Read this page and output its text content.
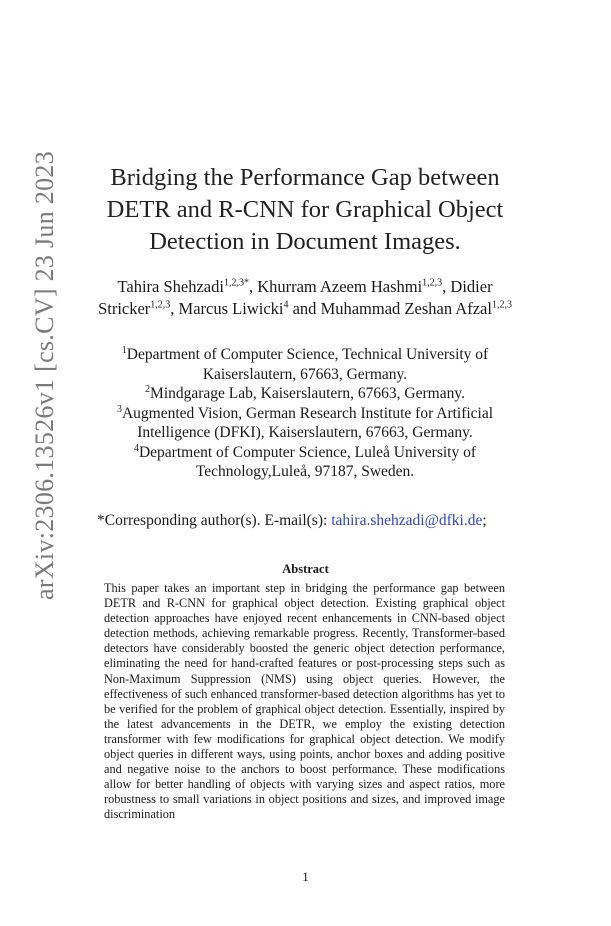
arXiv:2306.13526v1 [cs.CV] 23 Jun 2023	Bridging the Performance Gap between DETR and R-CNN for Graphical Object Detection in Document Images.
Tahira Shehzadi$^{1,2,3*}$, Khurram Azeem Hashmi$^{1,2,3}$, Didier Stricker$^{1,2,3}$, Marcus Liwicki$^4$ and Muhammad Zeshan Afzal$^{1,2,3}$
$^1$Department of Computer Science, Technical University of Kaiserslautern, 67663, Germany.
$^2$Mindgarage Lab, Kaiserslautern, 67663, Germany.
$^3$Augmented Vision, German Research Institute for Artificial Intelligence (DFKI), Kaiserslautern, 67663, Germany.
$^4$Department of Computer Science, Luleå University of Technology,Luleå, 97187, Sweden.
*Corresponding author(s). E-mail(s): tahira.shehzadi@dfki.de;
Abstract
This paper takes an important step in bridging the performance gap between DETR and R-CNN for graphical object detection. Existing graphical object detection approaches have enjoyed recent enhancements in CNN-based object detection methods, achieving remarkable progress. Recently, Transformer-based detectors have considerably boosted the generic object detection performance, eliminating the need for hand-crafted features or post-processing steps such as Non-Maximum Suppression (NMS) using object queries. However, the effectiveness of such enhanced transformer-based detection algorithms has yet to be verified for the problem of graphical object detection. Essentially, inspired by the latest advancements in the DETR, we employ the existing detection transformer with few modifications for graphical object detection. We modify object queries in different ways, using points, anchor boxes and adding positive and negative noise to the anchors to boost performance. These modifications allow for better handling of objects with varying sizes and aspect ratios, more robustness to small variations in object positions and sizes, and improved image discrimination
1
